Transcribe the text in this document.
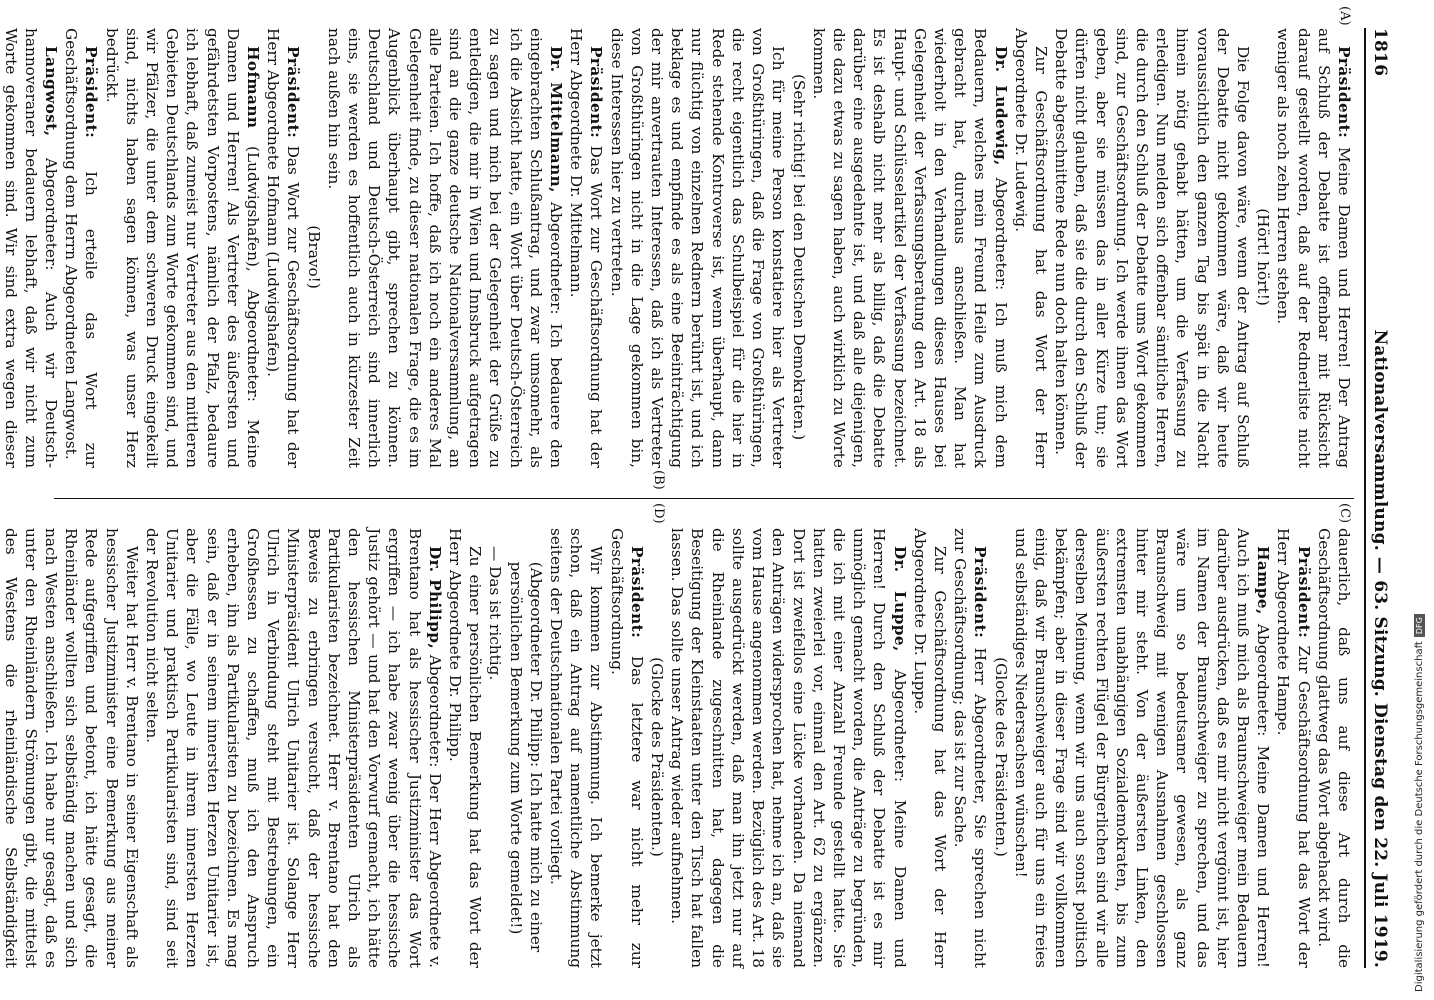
1816
Nationalversammlung. — 63. Sitzung. Dienstag den 22. Juli 1919.

Präsident: Meine Damen und Herren! Der Antrag auf Schluß der Debatte ist offenbar mit Rücksicht darauf gestellt worden, daß auf der Rednerliste nicht weniger als noch zehn Herren stehen.

(Hört! hört!)

Die Folge davon wäre, wenn der Antrag auf Schluß der Debatte nicht gekommen wäre, daß wir heute voraussichtlich den ganzen Tag bis spät in die Nacht hinein nötig gehabt hätten, um die Verfassung zu erledigen. Nun melden sich offenbar sämtliche Herren, die durch den Schluß der Debatte ums Wort gekommen sind, zur Geschäftsordnung. Ich werde ihnen das Wort geben, aber sie müssen das in aller Kürze tun; sie dürfen nicht glauben, daß sie die durch den Schluß der Debatte abgeschnittene Rede nun doch halten können.

Zur Geschäftsordnung hat das Wort der Herr Abgeordnete Dr. Ludewig.

Dr. Ludewig, Abgeordneter: Ich muß mich dem Bedauern, welches mein Freund Heile zum Ausdruck gebracht hat, durchaus anschließen. Man hat wiederholt in den Verhandlungen dieses Hauses bei Gelegenheit der Verfassungsberatung den Art. 18 als Haupt- und Schlüsselartikel der Verfassung bezeichnet. Es ist deshalb nicht mehr als billig, daß die Debatte darüber eine ausgedehnte ist, und daß alle diejenigen, die dazu etwas zu sagen haben, auch wirklich zu Worte kommen.

(Sehr richtig! bei den Deutschen Demokraten.)

Ich für meine Person konstatiere hier als Vertreter von Großthüringen, daß die Frage von Großthüringen, die recht eigentlich das Schulbeispiel für die hier in Rede stehende Kontroverse ist, wenn überhaupt, dann nur flüchtig von einzelnen Rednern berührt ist, und ich beklage es und empfinde es als eine Beeinträchtigung der mir anvertrauten Interessen, daß ich als Vertreter von Großthüringen nicht in die Lage gekommen bin, diese Interessen hier zu vertreten.

Präsident: Das Wort zur Geschäftsordnung hat der Herr Abgeordnete Dr. Mittelmann.

Dr. Mittelmann, Abgeordneter: Ich bedauere den eingebrachten Schlußantrag, und zwar umsomehr, als ich die Absicht hatte, ein Wort über Deutsch-Österreich zu sagen und mich bei der Gelegenheit der Grüße zu entledigen, die mir in Wien und Innsbruck aufgetragen sind an die ganze deutsche Nationalversammlung, an alle Parteien. Ich hoffe, daß ich noch ein anderes Mal Gelegenheit finde, zu dieser nationalen Frage, die es im Augenblick überhaupt gibt, sprechen zu können. Deutschland und Deutsch-Österreich sind innerlich eins, sie werden es hoffentlich auch in kürzester Zeit nach außen hin sein.

(Bravo!)

Präsident: Das Wort zur Geschäftsordnung hat der Herr Abgeordnete Hofmann (Ludwigshafen).

Hofmann (Ludwigshafen), Abgeordneter: Meine Damen und Herren! Als Vertreter des äußersten und gefährdetsten Vorpostens, nämlich der Pfalz, bedaure ich lebhaft, daß zumeist nur Vertreter aus den mittleren Gebieten Deutschlands zum Worte gekommen sind, und wir Pfälzer, die unter dem schweren Druck eingekeilt sind, nichts haben sagen können, was unser Herz bedrückt.

Präsident: Ich erteile das Wort zur Geschäftsordnung dem Herrn Abgeordneten Langwost.

Langwost, Abgeordneter: Auch wir Deutsch-hannoveraner bedauern lebhaft, daß wir nicht zum Worte gekommen sind. Wir sind extra wegen dieser

dauerlich, daß uns auf diese Art durch die Geschäftsordnung glattweg das Wort abgehackt wird.

Präsident: Zur Geschäftsordnung hat das Wort der Herr Abgeordnete Hampe.

Hampe, Abgeordneter: Meine Damen und Herren! Auch ich muß mich als Braunschweiger mein Bedauern darüber ausdrücken, daß es mir nicht vergönnt ist, hier im Namen der Braunschweiger zu sprechen, und das wäre um so bedeutsamer gewesen, als ganz Braunschweig mit wenigen Ausnahmen geschlossen hinter mir steht. Von der äußersten Linken, den extremsten unabhängigen Sozialdemokraten, bis zum äußersten rechten Flügel der Bürgerlichen sind wir alle derselben Meinung, wenn wir uns auch sonst politisch bekämpfen; aber in dieser Frage sind wir vollkommen einig, daß wir Braunschweiger auch für uns ein freies und selbständiges Niedersachsen wünschen!

(Glocke des Präsidenten.)

Präsident: Herr Abgeordneter, Sie sprechen nicht zur Geschäftsordnung; das ist zur Sache.

Zur Geschäftsordnung hat das Wort der Herr Abgeordnete Dr. Luppe.

Dr. Luppe, Abgeordneter: Meine Damen und Herren! Durch den Schluß der Debatte ist es mir unmöglich gemacht worden, die Anträge zu begründen, die ich mit einer Anzahl Freunde gestellt hatte. Sie hatten zweierlei vor, einmal den Art. 62 zu ergänzen. Dort ist zweifellos eine Lücke vorhanden. Da niemand den Anträgen widersprochen hat, nehme ich an, daß sie vom Hause angenommen werden. Bezüglich des Art. 18 sollte ausgedrückt werden, daß man ihn jetzt nur auf die Rheinlande zugeschnitten hat, dagegen die Beseitigung der Kleinstaaten unter den Tisch hat fallen lassen. Das sollte unser Antrag wieder aufnehmen.

(Glocke des Präsidenten.)

Präsident: Das letztere war nicht mehr zur Geschäftsordnung.

Wir kommen zur Abstimmung. Ich bemerke jetzt schon, daß ein Antrag auf namentliche Abstimmung seitens der Deutschnationalen Partei vorliegt.

(Abgeordneter Dr. Philipp: Ich hatte mich zu einer persönlichen Bemerkung zum Worte gemeldet!)

— Das ist richtig.

Zu einer persönlichen Bemerkung hat das Wort der Herr Abgeordnete Dr. Philipp.

Dr. Philipp, Abgeordneter: Der Herr Abgeordnete v. Brentano hat als hessischer Justizminister das Wort ergriffen — ich habe zwar wenig über die hessische Justiz gehört — und hat den Vorwurf gemacht, ich hätte den hessischen Ministerpräsidenten Ulrich als Partikularisten bezeichnet. Herr v. Brentano hat den Beweis zu erbringen versucht, daß der hessische Ministerpräsident Ulrich Unitarier ist. Solange Herr Ulrich in Verbindung steht mit Bestrebungen, ein Großhessen zu schaffen, muß ich den Anspruch erheben, ihn als Partikularisten zu bezeichnen. Es mag sein, daß er in seinem innersten Herzen Unitarier ist, aber die Fälle, wo Leute in ihrem innersten Herzen Unitarier und praktisch Partikularisten sind, sind seit der Revolution nicht selten.

Weiter hat Herr v. Brentano in seiner Eigenschaft als hessischer Justizminister eine Bemerkung aus meiner Rede aufgegriffen und betont, ich hätte gesagt, die Rheinländer wollten sich selbständig machen und sich nach Westen anschließen. Ich habe nur gesagt, daß es unter den Rheinländern Strömungen gibt, die mittelst des Westens die rheinländische Selbständigkeit

(A)
(B)
(C)
(D)
Digitalisierung gefördert durch die Deutsche ForschungsgemeinschaftDFG
